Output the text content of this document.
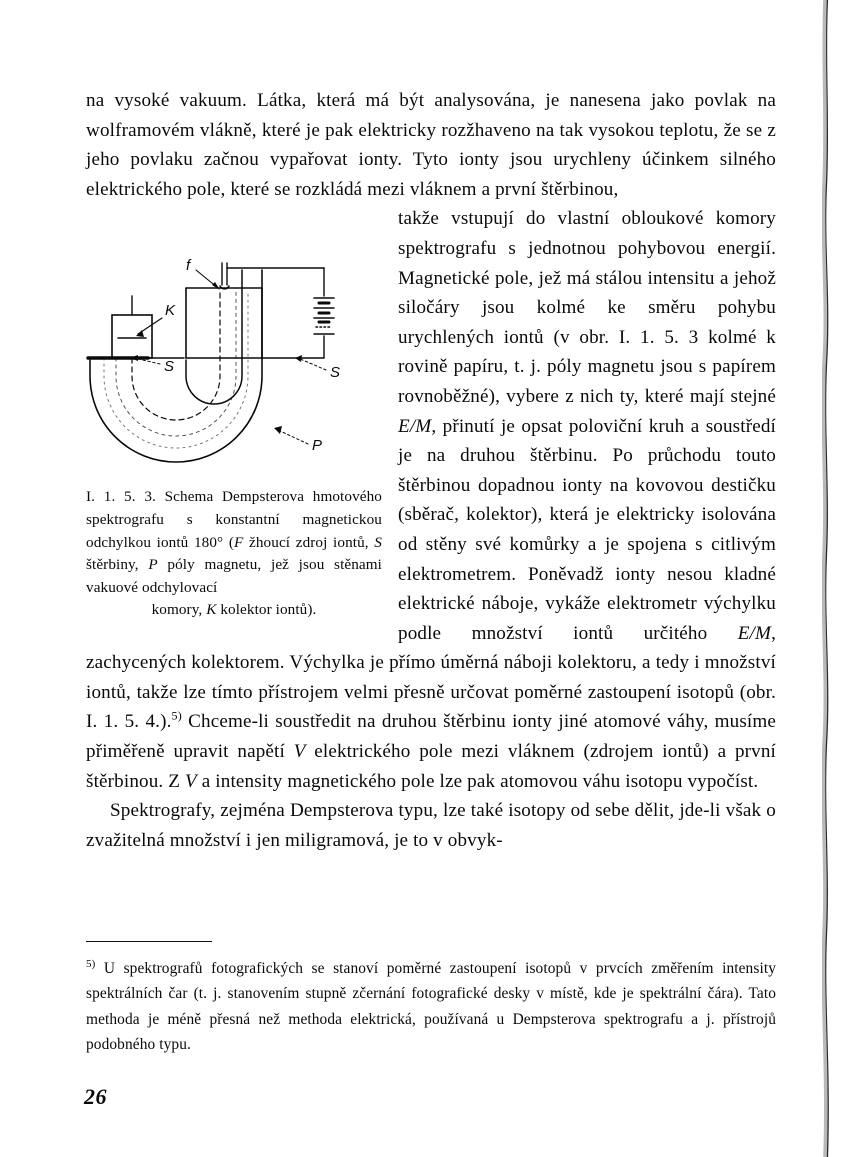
na vysoké vakuum. Látka, která má být analysována, je nanesena jako povlak na wolframovém vlákně, které je pak elektricky rozžhaveno na tak vysokou teplotu, že se z jeho povlaku začnou vypařovat ionty. Tyto ionty jsou urychleny účinkem silného elektrického pole, které se rozkládá mezi vláknem a první štěrbinou,

K
S	S
f
P
I. 1. 5. 3. Schema Dempsterova hmotového spektrografu s konstantní magnetickou odchylkou iontů 180° (F žhoucí zdroj iontů, S štěrbiny, P póly magnetu, jež jsou stěnami vakuové odchylovací
komory, K kolektor iontů).

takže vstupují do vlastní obloukové komory spektrografu s jednotnou pohybovou energií. Magnetické pole, jež má stálou intensitu a jehož siločáry jsou kolmé ke směru pohybu urychlených iontů (v obr. I. 1. 5. 3 kolmé k rovině papíru, t. j. póly magnetu jsou s papírem rovnoběžné), vybere z nich ty, které mají stejné E/M, přinutí je opsat poloviční kruh a soustředí je na druhou štěrbinu. Po průchodu touto štěrbinou dopadnou ionty na kovovou destičku (sběrač, kolektor), která je elektricky isolována od stěny své komůrky a je spojena s citlivým elektrometrem. Poněvadž ionty nesou kladné elektrické náboje, vykáže elektrometr výchylku podle množství iontů určitého E/M, zachycených kolektorem. Výchylka je přímo úměrná náboji kolektoru, a tedy i množství iontů, takže lze tímto přístrojem velmi přesně určovat poměrné zastoupení isotopů (obr. I. 1. 5. 4.).$^{5)}$ Chceme-li soustředit na druhou štěrbinu ionty jiné atomové váhy, musíme přiměřeně upravit napětí V elektrického pole mezi vláknem (zdrojem iontů) a první štěrbinou. Z V a intensity magnetického pole lze pak atomovou váhu isotopu vypočíst.

Spektrografy, zejména Dempsterova typu, lze také isotopy od sebe dělit, jde-li však o zvažitelná množství i jen miligramová, je to v obvyk-

$^{5)}$ U spektrografů fotografických se stanoví poměrné zastoupení isotopů v prvcích změřením intensity spektrálních čar (t. j. stanovením stupně zčernání fotografické desky v místě, kde je spektrální čára). Tato methoda je méně přesná než methoda elektrická, používaná u Dempsterova spektrografu a j. přístrojů podobného typu.
26
